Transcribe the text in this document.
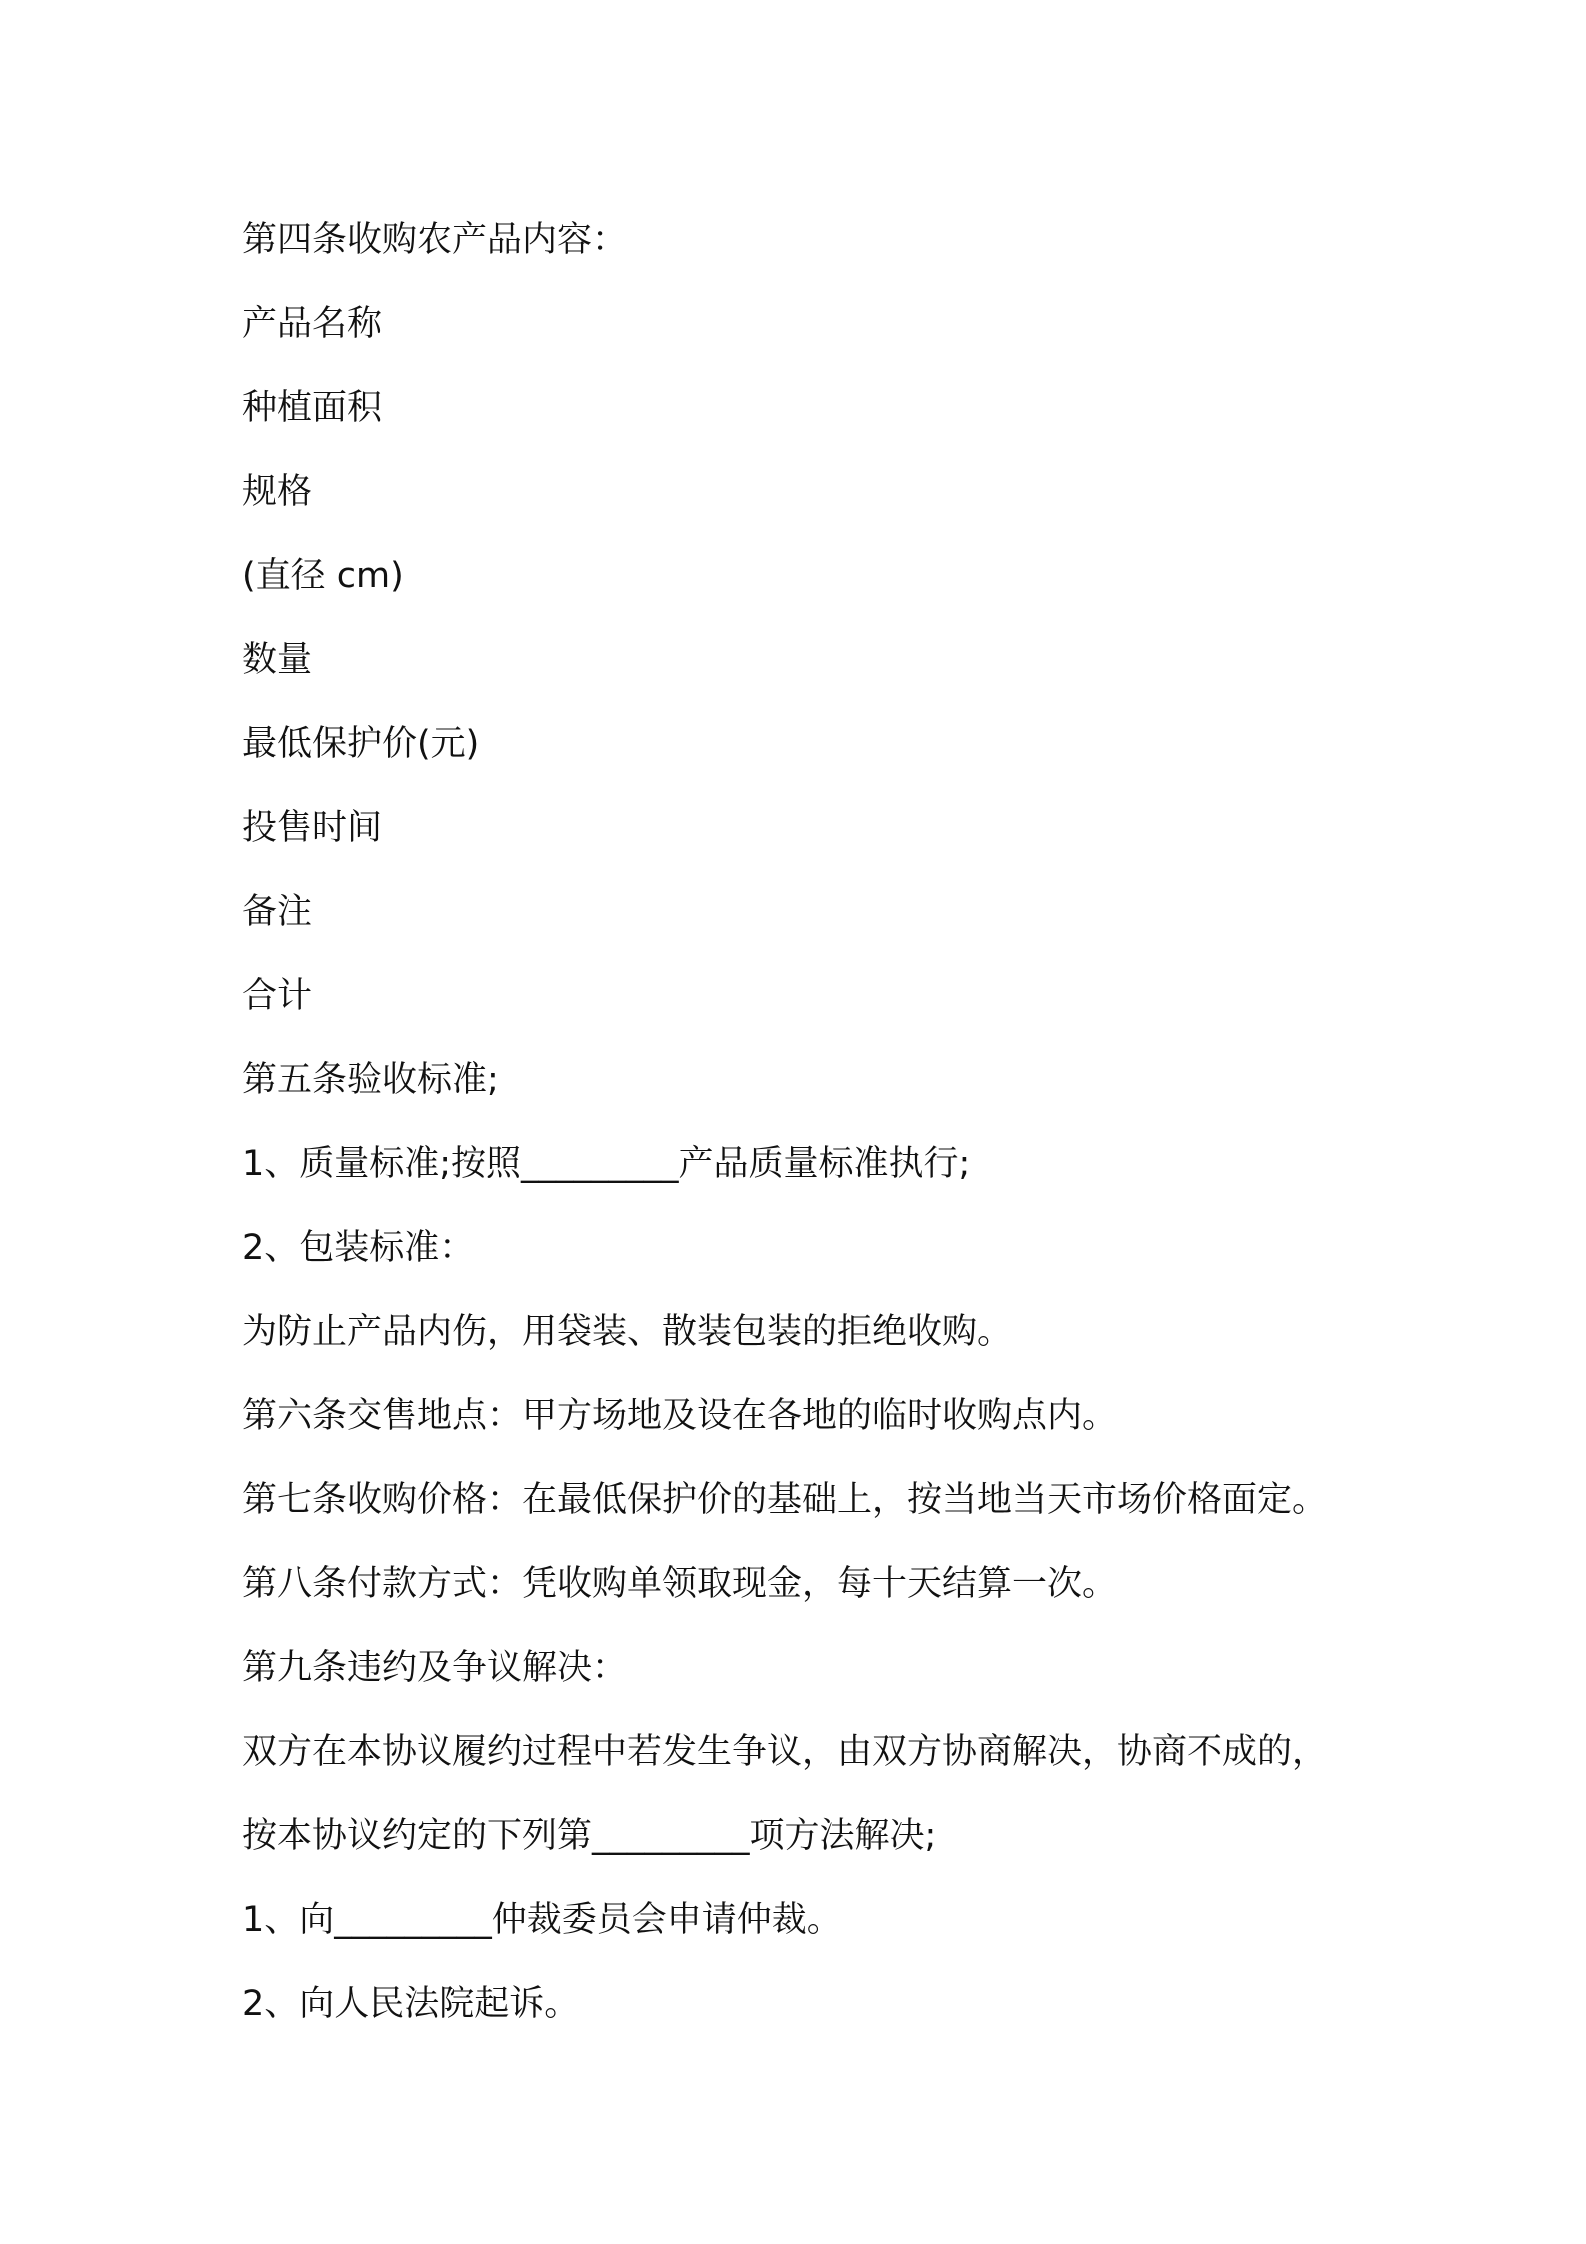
第四条收购农产品内容：

产品名称

种植面积

规格

(直径 cm)

数量

最低保护价(元)

投售时间

备注

合计

第五条验收标准;

1、质量标准;按照_________产品质量标准执行;

2、包装标准：

为防止产品内伤，用袋装、散装包装的拒绝收购。

第六条交售地点：甲方场地及设在各地的临时收购点内。

第七条收购价格：在最低保护价的基础上，按当地当天市场价格面定。

第八条付款方式：凭收购单领取现金，每十天结算一次。

第九条违约及争议解决：

双方在本协议履约过程中若发生争议，由双方协商解决，协商不成的，

按本协议约定的下列第_________项方法解决;

1、向_________仲裁委员会申请仲裁。

2、向人民法院起诉。
